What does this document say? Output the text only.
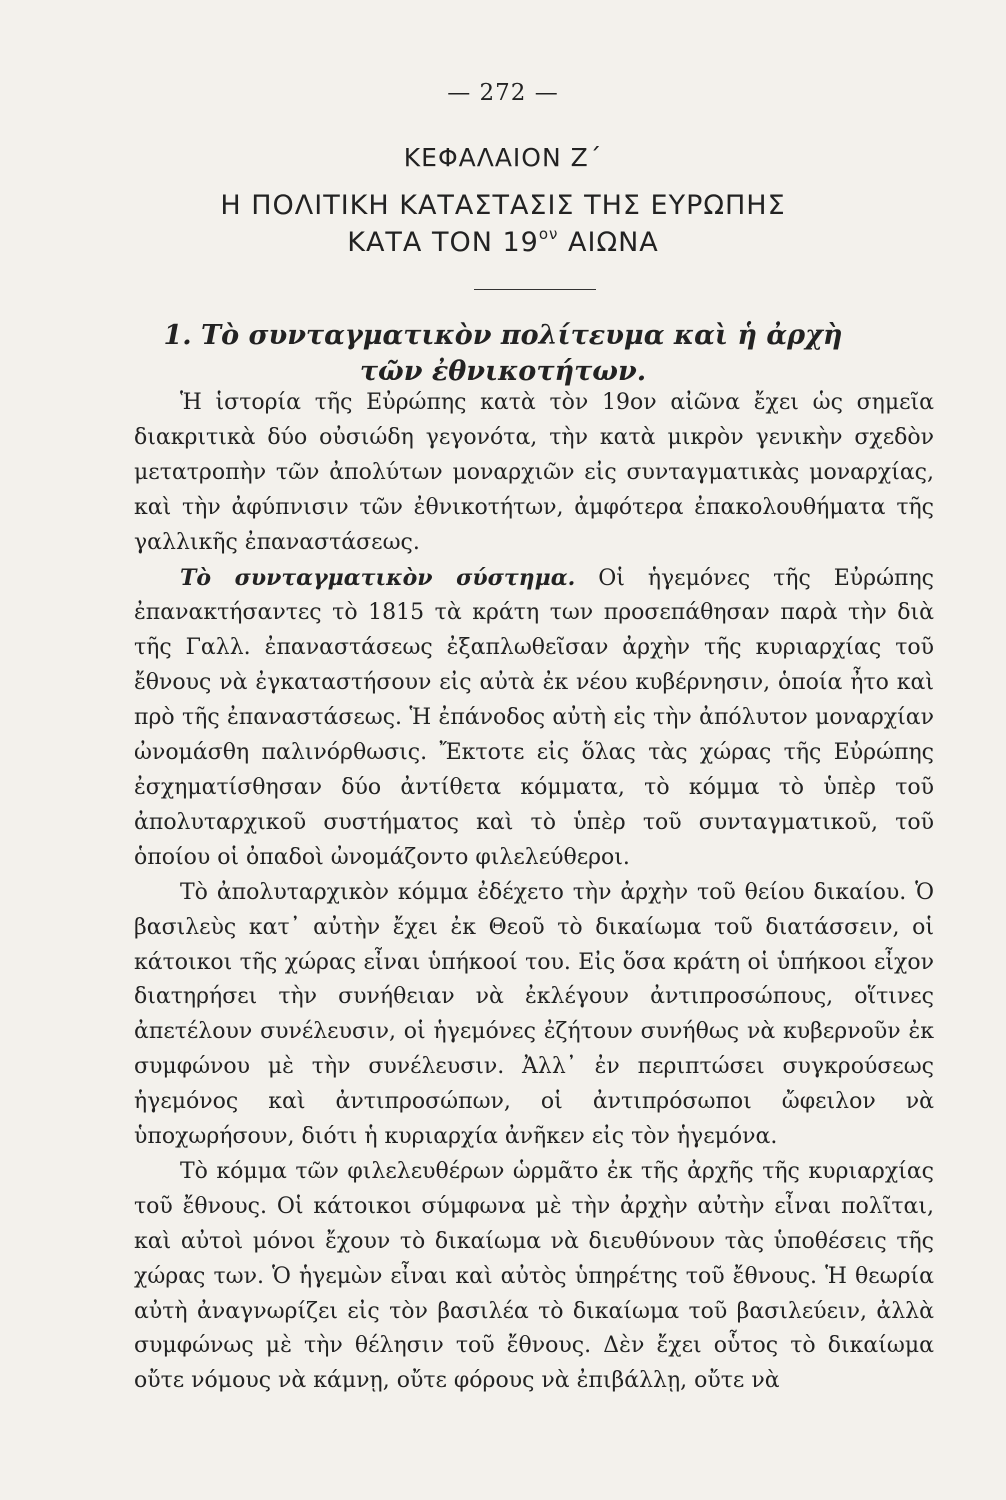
— 272 —
ΚΕΦΑΛΑΙΟΝ Ζ΄
Η ΠΟΛΙΤΙΚΗ ΚΑΤΑΣΤΑΣΙΣ ΤΗΣ ΕΥΡΩΠΗΣ
ΚΑΤΑ ΤΟΝ $19^{o\nu}$ ΑΙΩΝΑ
1. Τὸ συνταγματικὸν πολίτευμα καὶ ἡ ἀρχὴ
τῶν ἐθνικοτήτων.

Ἡ ἱστορία τῆς Εὐρώπης κατὰ τὸν 19ον αἰῶνα ἔχει ὡς σημεῖα διακριτικὰ δύο οὐσιώδη γεγονότα, τὴν κατὰ μικρὸν γενικὴν σχεδὸν μετατροπὴν τῶν ἀπολύτων μοναρχιῶν εἰς συνταγματικὰς μοναρχίας, καὶ τὴν ἀφύπνισιν τῶν ἐθνικοτήτων, ἀμφότερα ἐπακολουθήματα τῆς γαλλικῆς ἐπαναστάσεως.

Τὸ συνταγματικὸν σύστημα. Οἱ ἡγεμόνες τῆς Εὐρώπης ἐπανακτήσαντες τὸ 1815 τὰ κράτη των προσεπάθησαν παρὰ τὴν διὰ τῆς Γαλλ. ἐπαναστάσεως ἐξαπλωθεῖσαν ἀρχὴν τῆς κυριαρχίας τοῦ ἔθνους νὰ ἐγκαταστήσουν εἰς αὐτὰ ἐκ νέου κυβέρνησιν, ὁποία ἦτο καὶ πρὸ τῆς ἐπαναστάσεως. Ἡ ἐπάνοδος αὐτὴ εἰς τὴν ἀπόλυτον μοναρχίαν ὠνομάσθη παλινόρθωσις. Ἔκτοτε εἰς ὅλας τὰς χώρας τῆς Εὐρώπης ἐσχηματίσθησαν δύο ἀντίθετα κόμματα, τὸ κόμμα τὸ ὑπὲρ τοῦ ἀπολυταρχικοῦ συστήματος καὶ τὸ ὑπὲρ τοῦ συνταγματικοῦ, τοῦ ὁποίου οἱ ὀπαδοὶ ὠνομάζοντο φιλελεύθεροι.

Τὸ ἀπολυταρχικὸν κόμμα ἐδέχετο τὴν ἀρχὴν τοῦ θείου δικαίου. Ὁ βασιλεὺς κατ᾽ αὐτὴν ἔχει ἐκ Θεοῦ τὸ δικαίωμα τοῦ διατάσσειν, οἱ κάτοικοι τῆς χώρας εἶναι ὑπήκοοί του. Εἰς ὅσα κράτη οἱ ὑπήκοοι εἶχον διατηρήσει τὴν συνήθειαν νὰ ἐκλέγουν ἀντιπροσώπους, οἵτινες ἀπετέλουν συνέλευσιν, οἱ ἡγεμόνες ἐζήτουν συνήθως νὰ κυβερνοῦν ἐκ συμφώνου μὲ τὴν συνέλευσιν. Ἀλλ᾽ ἐν περιπτώσει συγκρούσεως ἡγεμόνος καὶ ἀντιπροσώπων, οἱ ἀντιπρόσωποι ὤφειλον νὰ ὑποχωρήσουν, διότι ἡ κυριαρχία ἀνῆκεν εἰς τὸν ἡγεμόνα.

Τὸ κόμμα τῶν φιλελευθέρων ὡρμᾶτο ἐκ τῆς ἀρχῆς τῆς κυριαρχίας τοῦ ἔθνους. Οἱ κάτοικοι σύμφωνα μὲ τὴν ἀρχὴν αὐτὴν εἶναι πολῖται, καὶ αὐτοὶ μόνοι ἔχουν τὸ δικαίωμα νὰ διευθύνουν τὰς ὑποθέσεις τῆς χώρας των. Ὁ ἡγεμὼν εἶναι καὶ αὐτὸς ὑπηρέτης τοῦ ἔθνους. Ἡ θεωρία αὐτὴ ἀναγνωρίζει εἰς τὸν βασιλέα τὸ δικαίωμα τοῦ βασιλεύειν, ἀλλὰ συμφώνως μὲ τὴν θέλησιν τοῦ ἔθνους. Δὲν ἔχει οὗτος τὸ δικαίωμα οὔτε νόμους νὰ κάμνῃ, οὔτε φόρους νὰ ἐπιβάλλῃ, οὔτε νὰ
